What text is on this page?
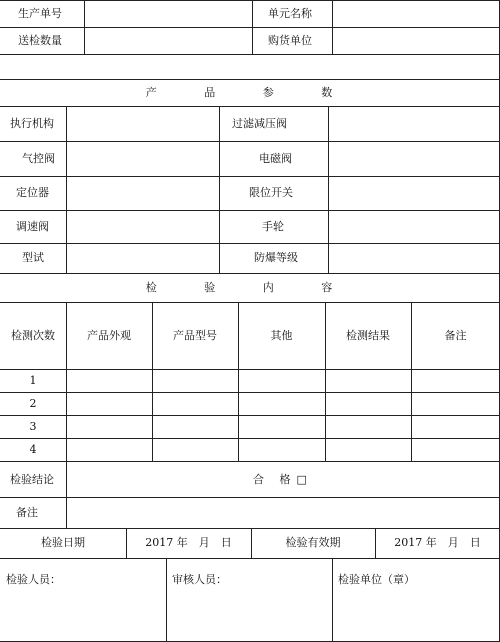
生产单号	单元名称
送检数量	购货单位
产 品 参 数
执行机构	过滤减压阀
气控阀	电磁阀
定位器	限位开关
调速阀	手轮
型试	防爆等级
检 验 内 容
检测次数	产品外观	产品型号	其他	检测结果	备注
1
2
3
4
检验结论	合 格□
备注
检验日期	2017 年　月　日	检验有效期	2017 年　月　日
检验人员：	审核人员：	检验单位（章）
